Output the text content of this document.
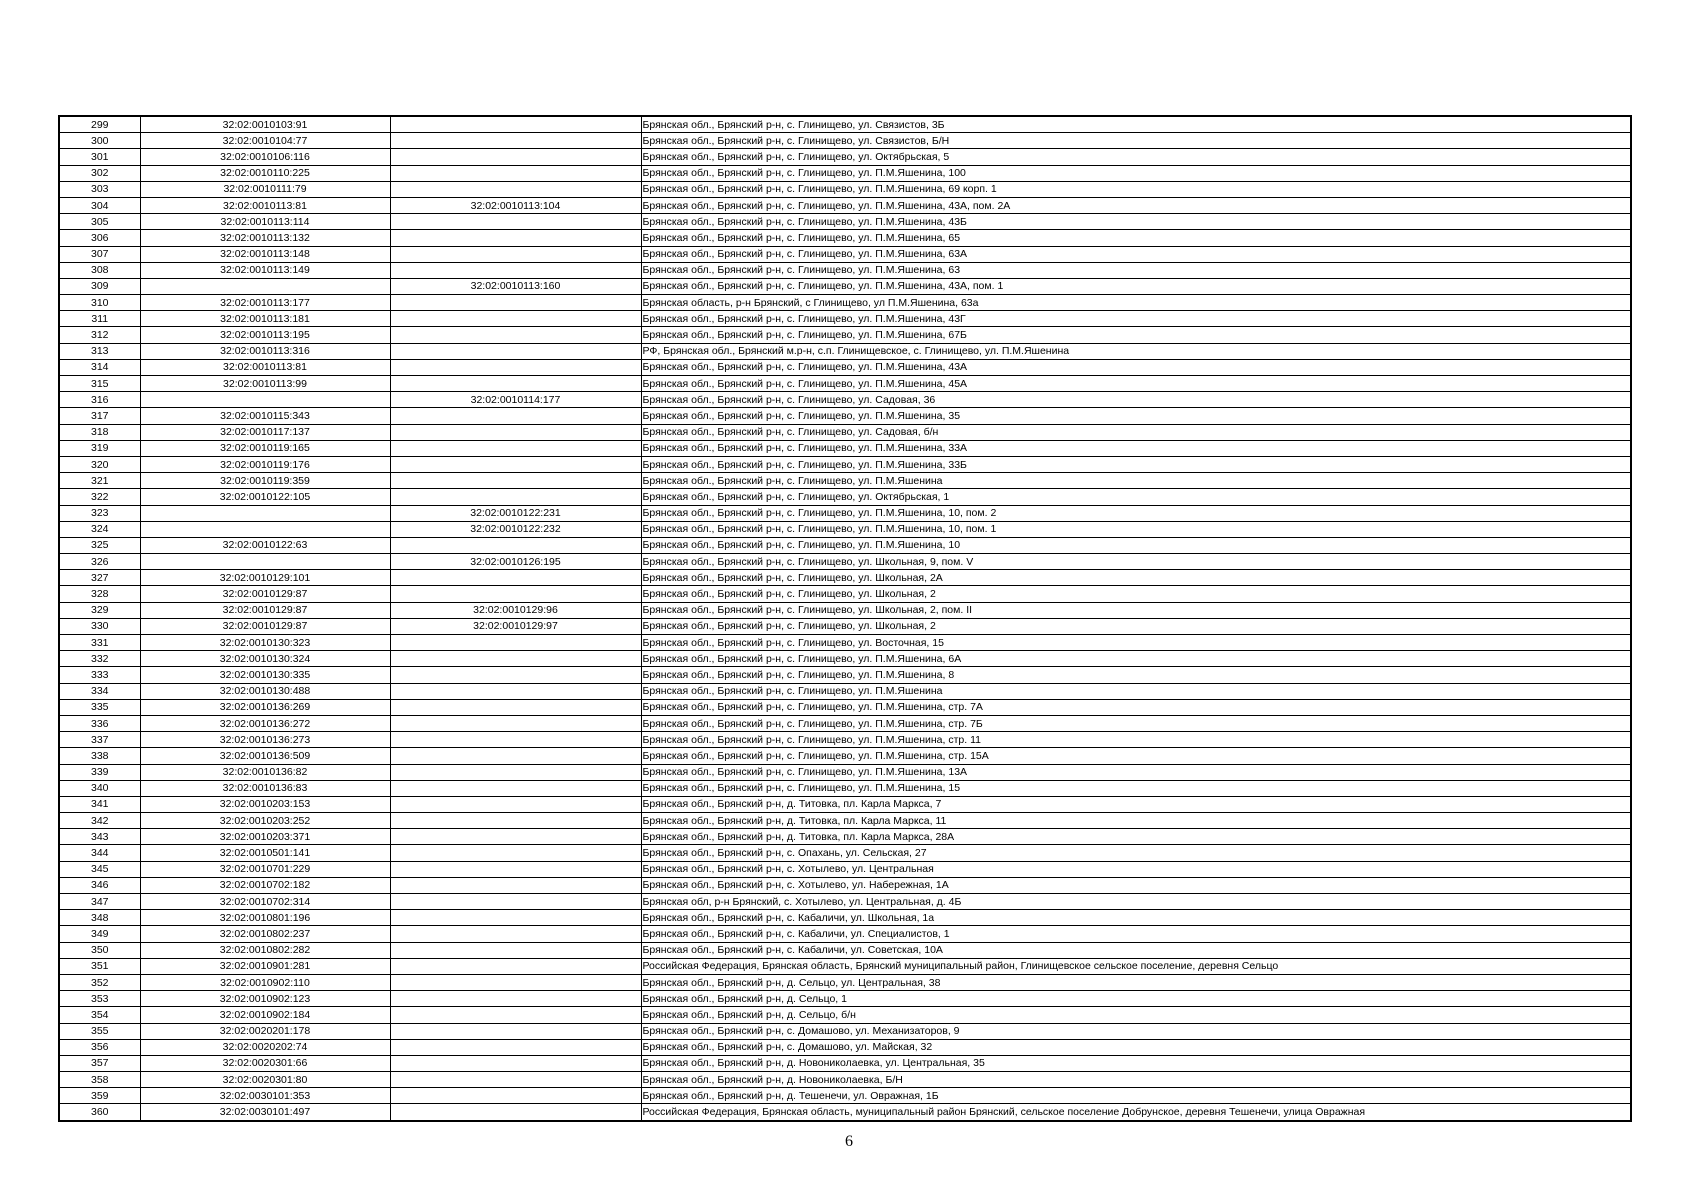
299	32:02:0010103:91		Брянская обл., Брянский р-н, с. Глинищево, ул. Связистов, 3Б
300	32:02:0010104:77		Брянская обл., Брянский р-н, с. Глинищево, ул. Связистов, Б/Н
301	32:02:0010106:116		Брянская обл., Брянский р-н, с. Глинищево, ул. Октябрьская, 5
302	32:02:0010110:225		Брянская обл., Брянский р-н, с. Глинищево, ул. П.М.Яшенина, 100
303	32:02:0010111:79		Брянская обл., Брянский р-н, с. Глинищево, ул. П.М.Яшенина, 69 корп. 1
304	32:02:0010113:81	32:02:0010113:104	Брянская обл., Брянский р-н, с. Глинищево, ул. П.М.Яшенина, 43А, пом. 2А
305	32:02:0010113:114		Брянская обл., Брянский р-н, с. Глинищево, ул. П.М.Яшенина, 43Б
306	32:02:0010113:132		Брянская обл., Брянский р-н, с. Глинищево, ул. П.М.Яшенина, 65
307	32:02:0010113:148		Брянская обл., Брянский р-н, с. Глинищево, ул. П.М.Яшенина, 63А
308	32:02:0010113:149		Брянская обл., Брянский р-н, с. Глинищево, ул. П.М.Яшенина, 63
309		32:02:0010113:160	Брянская обл., Брянский р-н, с. Глинищево, ул. П.М.Яшенина, 43А, пом. 1
310	32:02:0010113:177		Брянская область, р-н Брянский, с Глинищево, ул П.М.Яшенина, 63а
311	32:02:0010113:181		Брянская обл., Брянский р-н, с. Глинищево, ул. П.М.Яшенина, 43Г
312	32:02:0010113:195		Брянская обл., Брянский р-н, с. Глинищево, ул. П.М.Яшенина, 67Б
313	32:02:0010113:316		РФ, Брянская обл., Брянский м.р-н, с.п. Глинищевское, с. Глинищево, ул. П.М.Яшенина
314	32:02:0010113:81		Брянская обл., Брянский р-н, с. Глинищево, ул. П.М.Яшенина, 43А
315	32:02:0010113:99		Брянская обл., Брянский р-н, с. Глинищево, ул. П.М.Яшенина, 45А
316		32:02:0010114:177	Брянская обл., Брянский р-н, с. Глинищево, ул. Садовая, 36
317	32:02:0010115:343		Брянская обл., Брянский р-н, с. Глинищево, ул. П.М.Яшенина, 35
318	32:02:0010117:137		Брянская обл., Брянский р-н, с. Глинищево, ул. Садовая, б/н
319	32:02:0010119:165		Брянская обл., Брянский р-н, с. Глинищево, ул. П.М.Яшенина, 33А
320	32:02:0010119:176		Брянская обл., Брянский р-н, с. Глинищево, ул. П.М.Яшенина, 33Б
321	32:02:0010119:359		Брянская обл., Брянский р-н, с. Глинищево, ул. П.М.Яшенина
322	32:02:0010122:105		Брянская обл., Брянский р-н, с. Глинищево, ул. Октябрьская, 1
323		32:02:0010122:231	Брянская обл., Брянский р-н, с. Глинищево, ул. П.М.Яшенина, 10, пом. 2
324		32:02:0010122:232	Брянская обл., Брянский р-н, с. Глинищево, ул. П.М.Яшенина, 10, пом. 1
325	32:02:0010122:63		Брянская обл., Брянский р-н, с. Глинищево, ул. П.М.Яшенина, 10
326		32:02:0010126:195	Брянская обл., Брянский р-н, с. Глинищево, ул. Школьная, 9, пом. V
327	32:02:0010129:101		Брянская обл., Брянский р-н, с. Глинищево, ул. Школьная, 2А
328	32:02:0010129:87		Брянская обл., Брянский р-н, с. Глинищево, ул. Школьная, 2
329	32:02:0010129:87	32:02:0010129:96	Брянская обл., Брянский р-н, с. Глинищево, ул. Школьная, 2, пом. II
330	32:02:0010129:87	32:02:0010129:97	Брянская обл., Брянский р-н, с. Глинищево, ул. Школьная, 2
331	32:02:0010130:323		Брянская обл., Брянский р-н, с. Глинищево, ул. Восточная, 15
332	32:02:0010130:324		Брянская обл., Брянский р-н, с. Глинищево, ул. П.М.Яшенина, 6А
333	32:02:0010130:335		Брянская обл., Брянский р-н, с. Глинищево, ул. П.М.Яшенина, 8
334	32:02:0010130:488		Брянская обл., Брянский р-н, с. Глинищево, ул. П.М.Яшенина
335	32:02:0010136:269		Брянская обл., Брянский р-н, с. Глинищево, ул. П.М.Яшенина, стр. 7А
336	32:02:0010136:272		Брянская обл., Брянский р-н, с. Глинищево, ул. П.М.Яшенина, стр. 7Б
337	32:02:0010136:273		Брянская обл., Брянский р-н, с. Глинищево, ул. П.М.Яшенина, стр. 11
338	32:02:0010136:509		Брянская обл., Брянский р-н, с. Глинищево, ул. П.М.Яшенина, стр. 15А
339	32:02:0010136:82		Брянская обл., Брянский р-н, с. Глинищево, ул. П.М.Яшенина, 13А
340	32:02:0010136:83		Брянская обл., Брянский р-н, с. Глинищево, ул. П.М.Яшенина, 15
341	32:02:0010203:153		Брянская обл., Брянский р-н, д. Титовка, пл. Карла Маркса, 7
342	32:02:0010203:252		Брянская обл., Брянский р-н, д. Титовка, пл. Карла Маркса, 11
343	32:02:0010203:371		Брянская обл., Брянский р-н, д. Титовка, пл. Карла Маркса, 28А
344	32:02:0010501:141		Брянская обл., Брянский р-н, с. Опахань, ул. Сельская, 27
345	32:02:0010701:229		Брянская обл., Брянский р-н, с. Хотылево, ул. Центральная
346	32:02:0010702:182		Брянская обл., Брянский р-н, с. Хотылево, ул. Набережная, 1А
347	32:02:0010702:314		Брянская обл, р-н Брянский, с. Хотылево, ул. Центральная, д. 4Б
348	32:02:0010801:196		Брянская обл., Брянский р-н, с. Кабаличи, ул. Школьная, 1а
349	32:02:0010802:237		Брянская обл., Брянский р-н, с. Кабаличи, ул. Специалистов, 1
350	32:02:0010802:282		Брянская обл., Брянский р-н, с. Кабаличи, ул. Советская, 10А
351	32:02:0010901:281		Российская Федерация, Брянская область, Брянский муниципальный район, Глинищевское сельское поселение, деревня Сельцо
352	32:02:0010902:110		Брянская обл., Брянский р-н, д. Сельцо, ул. Центральная, 38
353	32:02:0010902:123		Брянская обл., Брянский р-н, д. Сельцо, 1
354	32:02:0010902:184		Брянская обл., Брянский р-н, д. Сельцо, б/н
355	32:02:0020201:178		Брянская обл., Брянский р-н, с. Домашово, ул. Механизаторов, 9
356	32:02:0020202:74		Брянская обл., Брянский р-н, с. Домашово, ул. Майская, 32
357	32:02:0020301:66		Брянская обл., Брянский р-н, д. Новониколаевка, ул. Центральная, 35
358	32:02:0020301:80		Брянская обл., Брянский р-н, д. Новониколаевка, Б/Н
359	32:02:0030101:353		Брянская обл., Брянский р-н, д. Тешенечи, ул. Овражная, 1Б
360	32:02:0030101:497		Российская Федерация, Брянская область, муниципальный район Брянский, сельское поселение Добрунское, деревня Тешенечи, улица Овражная
6
